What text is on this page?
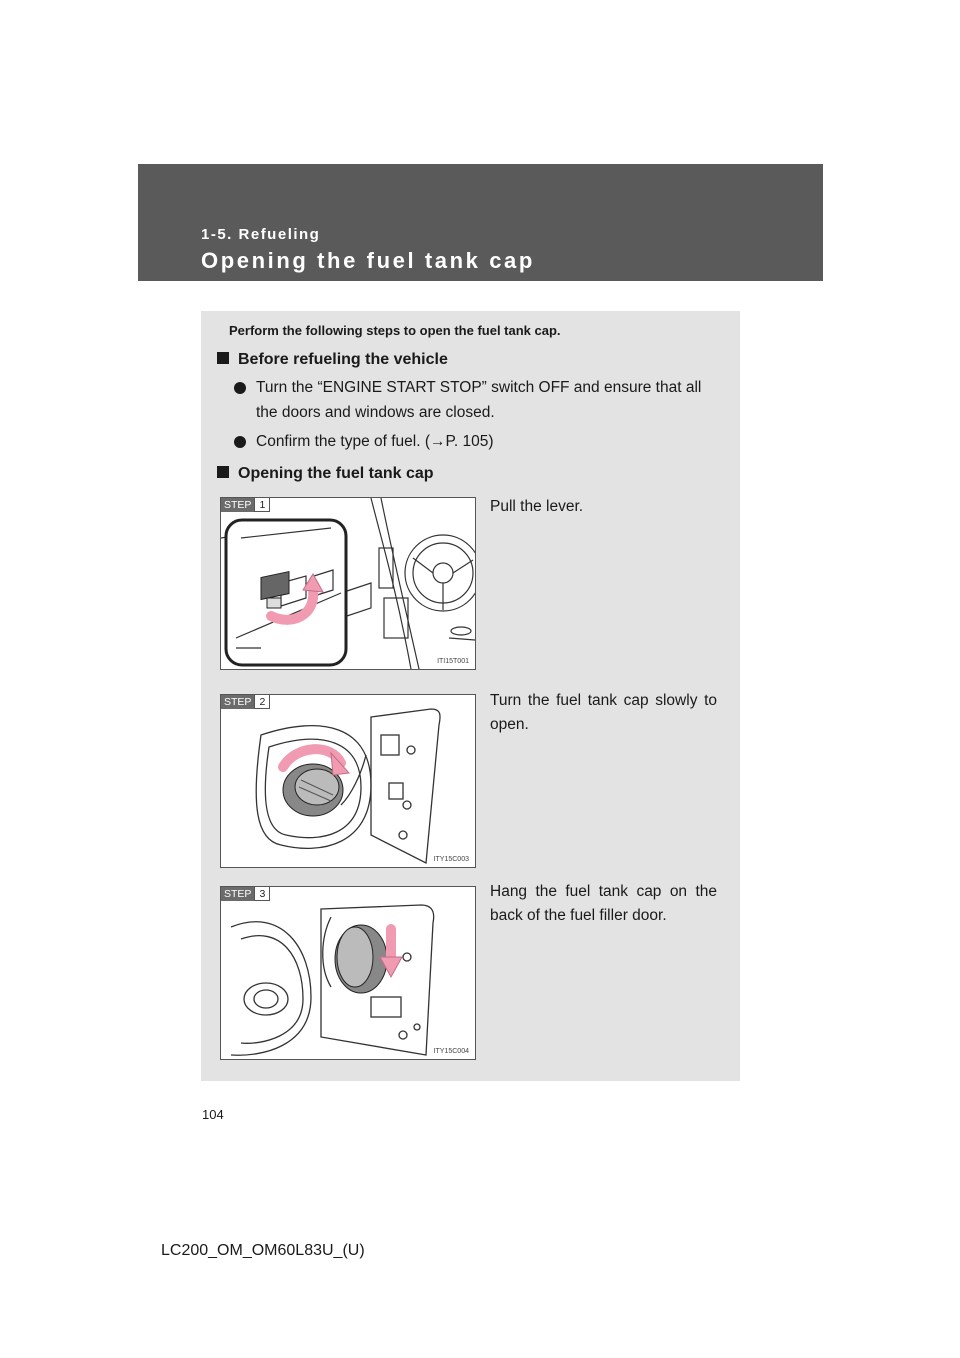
1-5. Refueling
Opening the fuel tank cap
Perform the following steps to open the fuel tank cap.
Before refueling the vehicle
Turn the “ENGINE START STOP” switch OFF and ensure that all the doors and windows are closed.
Confirm the type of fuel. (→P. 105)
Opening the fuel tank cap
STEP 1
ITI15T001
Pull the lever.
STEP 2
ITY15C003
Turn the fuel tank cap slowly to open.
STEP 3
ITY15C004
Hang the fuel tank cap on the back of the fuel filler door.
104
LC200_OM_OM60L83U_(U)
